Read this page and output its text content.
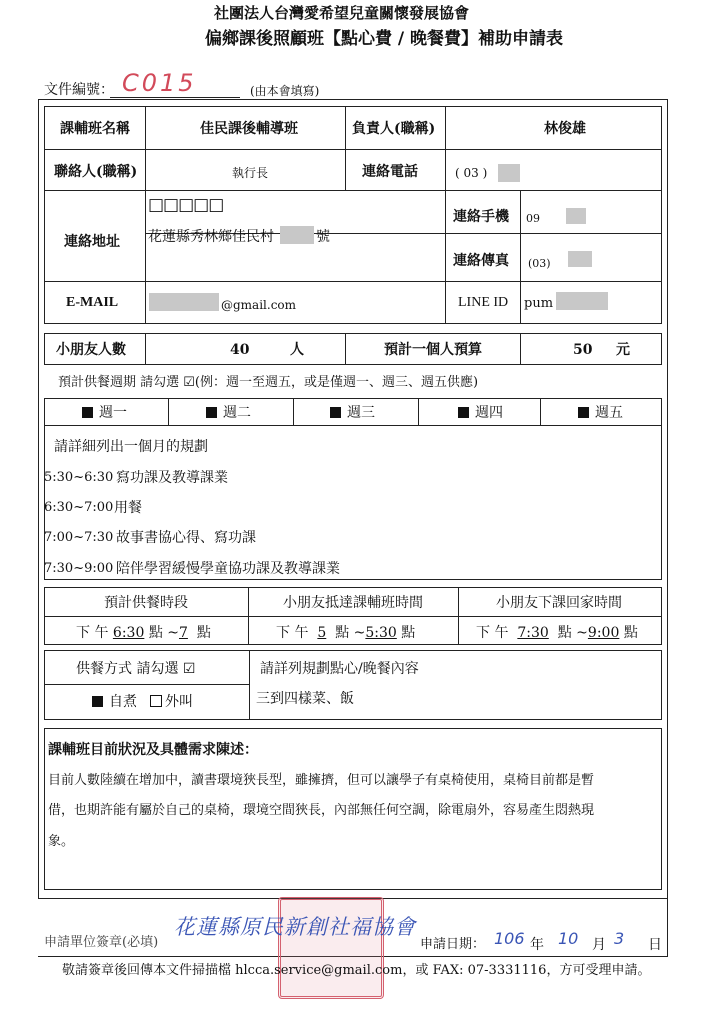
社團法人台灣愛希望兒童關懷發展協會
偏鄉課後照顧班【點心費 / 晚餐費】補助申請表
文件編號： C015	(由本會填寫)
課輔班名稱	佳民課後輔導班	負責人(職稱)	林俊雄
聯絡人(職稱)	執行長	連絡電話	( 03 )
□□□□□
連絡地址 花蓮縣秀林鄉佳民村	號
連絡手機 09
連絡傳真 (03)
E-MAIL	@gmail.com	LINE ID pum
小朋友人數	40	人	預計一個人預算	50 元
預計供餐週期 請勾選 ☑(例：週一至週五，或是僅週一、週三、週五供應)
週一	週二	週三	週四	週五
請詳細列出一個月的規劃
5:30~6:30 寫功課及教導課業
6:30~7:00 用餐
7:00~7:30 故事書協心得、寫功課
7:30~9:00 陪伴學習緩慢學童協功課及教導課業
預計供餐時段	小朋友抵達課輔班時間	小朋友下課回家時間
下 午 6:30 點 ~7 點	下 午 5 點 ~5:30 點	下 午 7:30 點 ~9:00 點
供餐方式 請勾選 ☑
自煮	外叫
請詳列規劃點心/晚餐內容
三到四樣菜、飯
課輔班目前狀況及具體需求陳述：
目前人數陸續在增加中，讀書環境狹長型，雖擁擠，但可以讓學子有桌椅使用，桌椅目前都是暫
借，也期許能有屬於自己的桌椅，環境空間狹長，內部無任何空調，除電扇外，容易產生悶熱現
象。
申請單位簽章(必填)
花蓮縣原民新創社福協會
申請日期： 106 年 10 月 3 日
敬請簽章後回傳本文件掃描檔 hlcca.service@gmail.com，或 FAX: 07-3331116，方可受理申請。
